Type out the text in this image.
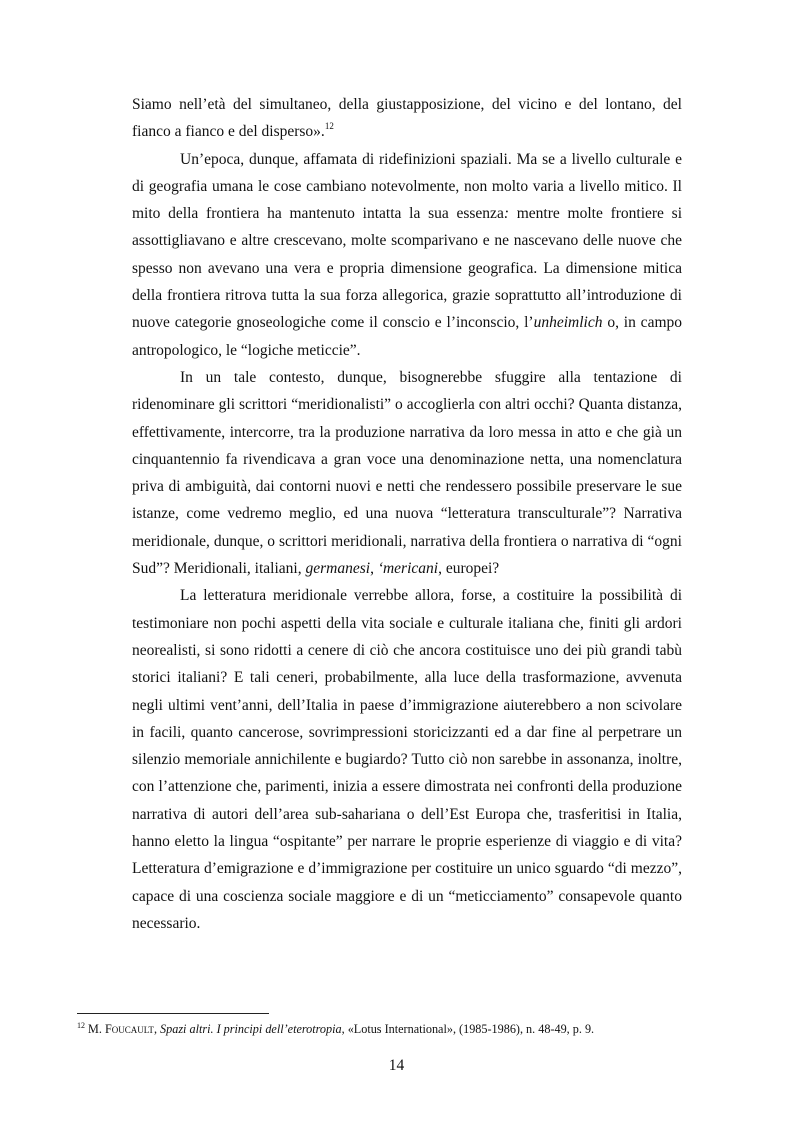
Siamo nell’età del simultaneo, della giustapposizione, del vicino e del lontano, del fianco a fianco e del disperso».$^{12}$

Un’epoca, dunque, affamata di ridefinizioni spaziali. Ma se a livello culturale e di geografia umana le cose cambiano notevolmente, non molto varia a livello mitico. Il mito della frontiera ha mantenuto intatta la sua essenza: mentre molte frontiere si assottigliavano e altre crescevano, molte scomparivano e ne nascevano delle nuove che spesso non avevano una vera e propria dimensione geografica. La dimensione mitica della frontiera ritrova tutta la sua forza allegorica, grazie soprattutto all’introduzione di nuove categorie gnoseologiche come il conscio e l’inconscio, l’unheimlich o, in campo antropologico, le “logiche meticcie”.

In un tale contesto, dunque, bisognerebbe sfuggire alla tentazione di ridenominare gli scrittori “meridionalisti” o accoglierla con altri occhi? Quanta distanza, effettivamente, intercorre, tra la produzione narrativa da loro messa in atto e che già un cinquantennio fa rivendicava a gran voce una denominazione netta, una nomenclatura priva di ambiguità, dai contorni nuovi e netti che rendessero possibile preservare le sue istanze, come vedremo meglio, ed una nuova “letteratura transculturale”? Narrativa meridionale, dunque, o scrittori meridionali, narrativa della frontiera o narrativa di “ogni Sud”? Meridionali, italiani, germanesi, ‘mericani, europei?

La letteratura meridionale verrebbe allora, forse, a costituire la possibilità di testimoniare non pochi aspetti della vita sociale e culturale italiana che, finiti gli ardori neorealisti, si sono ridotti a cenere di ciò che ancora costituisce uno dei più grandi tabù storici italiani? E tali ceneri, probabilmente, alla luce della trasformazione, avvenuta negli ultimi vent’anni, dell’Italia in paese d’immigrazione aiuterebbero a non scivolare in facili, quanto cancerose, sovrimpressioni storicizzanti ed a dar fine al perpetrare un silenzio memoriale annichilente e bugiardo? Tutto ciò non sarebbe in assonanza, inoltre, con l’attenzione che, parimenti, inizia a essere dimostrata nei confronti della produzione narrativa di autori dell’area sub-sahariana o dell’Est Europa che, trasferitisi in Italia, hanno eletto la lingua “ospitante” per narrare le proprie esperienze di viaggio e di vita? Letteratura d’emigrazione e d’immigrazione per costituire un unico sguardo “di mezzo”, capace di una coscienza sociale maggiore e di un “meticciamento” consapevole quanto necessario.

$^{12}$ M. Foucault, Spazi altri. I principi dell’eterotropia, «Lotus International», (1985-1986), n. 48-49, p. 9.
14
